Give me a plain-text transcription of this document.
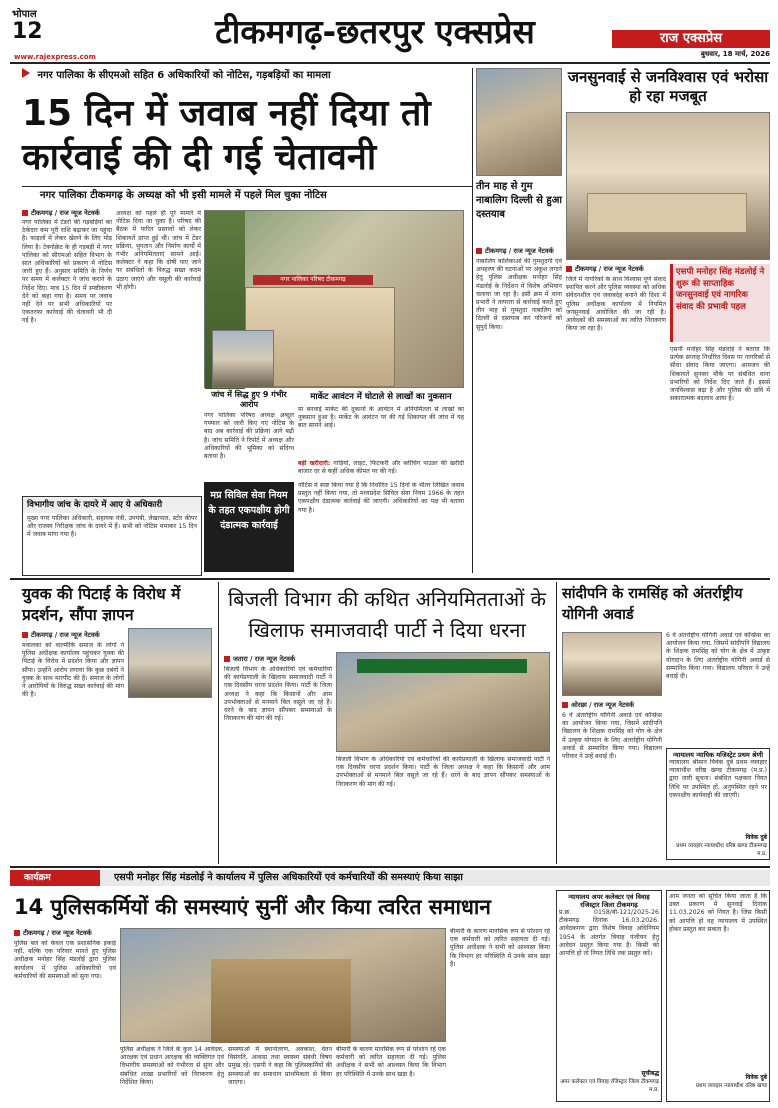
भोपाल
12
www.rajexpress.com
टीकमगढ़-छतरपुर एक्सप्रेस	राज एक्सप्रेस
बुधवार, 18 मार्च, 2026
नगर पालिका के सीएमओ सहित 6 अधिकारियों को नोटिस, गड़बड़ियों का मामला
15 दिन में जवाब नहीं दिया तो कार्रवाई की दी गई चेतावनी
नगर पालिका टीकमगढ़ के अध्यक्ष को भी इसी मामले में पहले मिल चुका नोटिस
टीकमगढ़ / राज न्यूज नेटवर्क
नगर पालिका में टेंडरों की गड़बड़ियों का ठेकेदार कम पूरी राशि बढ़ाकर जा पहुंचा है। फाइलों में लेकर खेलने के लिए मोड़ लिया है। टेक्नोक्रेट के ही गड़बड़ी में नगर पालिका को सीएमओ सहित विभाग के सात अधिकारियों को प्रकरण में नोटिस जारी हुए हैं। अनुसार समिति के निर्णय पर समय में कलेक्टर ने जांच कराने के निर्देश दिए। मात्र 15 दिन में स्पष्टीकरण देने को कहा गया है। समय पर जवाब नहीं देने पर सभी अधिकारियों पर एकतरफा कार्रवाई की चेतावनी भी दी गई है।
अध्यक्ष को पहले ही पूरे मामले में नोटिस दिया जा चुका है। परिषद की बैठक में पारित प्रस्तावों को लेकर शिकायतें प्राप्त हुई थीं। जांच में टेंडर प्रक्रिया, भुगतान और निर्माण कार्यों में गंभीर अनियमितताएं सामने आईं। कलेक्टर ने कहा कि दोषी पाए जाने पर संबंधितों के विरुद्ध सख्त कदम उठाए जाएंगे और वसूली की कार्रवाई भी होगी।
नगर पालिका परिषद टीकमगढ़
जांच में सिद्ध हुए 9 गंभीर आरोप
मार्केट आवंटन में घोटाले से लाखों का नुकसान
नगर पालिका परिषद अध्यक्ष अब्दुल गफ्फार को जारी किए गए नोटिस के बाद अब कार्रवाई की प्रक्रिया आगे बढ़ी है। जांच समिति ने रिपोर्ट में अध्यक्ष और अधिकारियों की भूमिका को संदिग्ध बताया है।
मा बनवाई मार्केट की दुकानों के आवंटन में अनियमितता से लाखों का नुकसान हुआ है। मार्केट के आवंटन पर की गई शिकायत की जांच में यह बात सामने आई।
बड़ी खरीदारी: गाड़ियों, लाइट, फिटकरी और ब्लीचिंग पाउडर की खरीदी बाजार दर से कहीं अधिक कीमत पर की गई।
विभागीय जांच के दायरे में आए ये अधिकारी
मुख्य नगर पालिका अधिकारी, सहायक यंत्री, उपयंत्री, लेखापाल, स्टोर कीपर और राजस्व निरीक्षक जांच के दायरे में हैं। सभी को नोटिस थमाकर 15 दिन में जवाब मांगा गया है।
मप्र सिविल सेवा नियम के तहत एकपक्षीय होगी दंडात्मक कार्रवाई
नोटिस में स्पष्ट किया गया है कि निर्धारित 15 दिनों के भीतर लिखित जवाब प्रस्तुत नहीं किया गया, तो मध्यप्रदेश सिविल सेवा नियम 1966 के तहत एकपक्षीय दंडात्मक कार्रवाई की जाएगी। अधिकारियों का पक्ष भी बताया गया है।
जनसुनवाई से जनविश्वास एवं भरोसा हो रहा मजबूत
तीन माह से गुम नाबालिग दिल्ली से हुआ दस्तयाब
टीकमगढ़ / राज न्यूज नेटवर्क
नाबालिग बालिकाओं की गुमशुदगी एवं अपहरण की घटनाओं पर अंकुश लगाने हेतु पुलिस अधीक्षक मनोहर सिंह मंडलोई के निर्देशन में विशेष अभियान चलाया जा रहा है। इसी क्रम में थाना प्रभारी ने तत्परता से कार्रवाई करते हुए तीन माह से गुमशुदा नाबालिग को दिल्ली से दस्तयाब कर परिजनों को सुपुर्द किया।
टीकमगढ़ / राज न्यूज नेटवर्क
जिले में नागरिकों के साथ विश्वास पूर्ण संवाद स्थापित करने और पुलिस व्यवस्था को अधिक संवेदनशील एवं जवाबदेह बनाने की दिशा में पुलिस अधीक्षक कार्यालय में नियमित जनसुनवाई आयोजित की जा रही है। आवेदकों की समस्याओं का त्वरित निराकरण किया जा रहा है।
एसपी मनोहर सिंह मंडलोई ने शुरू की साप्ताहिक जनसुनवाई एवं नागरिक संवाद की प्रभावी पहल
एसपी मनोहर सिंह मंडलोई ने बताया कि प्रत्येक सप्ताह निर्धारित दिवस पर नागरिकों से सीधा संवाद किया जाएगा। आमजन की शिकायतें सुनकर मौके पर संबंधित थाना प्रभारियों को निर्देश दिए जाते हैं। इससे जनविश्वास बढ़ा है और पुलिस की छवि में सकारात्मक बदलाव आया है।
युवक की पिटाई के विरोध में प्रदर्शन, सौंपा ज्ञापन
टीकमगढ़ / राज न्यूज नेटवर्क
मवालका को वाल्मीकि समाज के लोगों ने पुलिस अधीक्षक कार्यालय पहुंचकर युवक की पिटाई के विरोध में प्रदर्शन किया और ज्ञापन सौंपा। उन्होंने आरोप लगाया कि कुछ दबंगों ने युवक के साथ मारपीट की है। समाज के लोगों ने आरोपियों के विरुद्ध सख्त कार्रवाई की मांग की है।
बिजली विभाग की कथित अनियमितताओं के खिलाफ समाजवादी पार्टी ने दिया धरना
जतारा / राज न्यूज नेटवर्क
बिजली विभाग के अधिकारियों एवं कर्मचारियों की कार्यप्रणाली के खिलाफ समाजवादी पार्टी ने एक दिवसीय धरना प्रदर्शन किया। पार्टी के जिला अध्यक्ष ने कहा कि किसानों और आम उपभोक्ताओं से मनमाने बिल वसूले जा रहे हैं। धरने के बाद ज्ञापन सौंपकर समस्याओं के निराकरण की मांग की गई।
बिजली विभाग के अधिकारियों एवं कर्मचारियों की कार्यप्रणाली के खिलाफ समाजवादी पार्टी ने एक दिवसीय धरना प्रदर्शन किया। पार्टी के जिला अध्यक्ष ने कहा कि किसानों और आम उपभोक्ताओं से मनमाने बिल वसूले जा रहे हैं। धरने के बाद ज्ञापन सौंपकर समस्याओं के निराकरण की मांग की गई।
सांदीपनि के रामसिंह को अंतर्राष्ट्रीय योगिनी अवार्ड
ओरछा / राज न्यूज नेटवर्क
6 वें अंतर्राष्ट्रीय योगिनी अवार्ड एवं कॉन्फ्रेंस का आयोजन किया गया, जिसमें सांदीपनि विद्यालय के शिक्षक रामसिंह को योग के क्षेत्र में उत्कृष्ट योगदान के लिए अंतर्राष्ट्रीय योगिनी अवार्ड से सम्मानित किया गया। विद्यालय परिवार ने उन्हें बधाई दी।
6 वें अंतर्राष्ट्रीय योगिनी अवार्ड एवं कॉन्फ्रेंस का आयोजन किया गया, जिसमें सांदीपनि विद्यालय के शिक्षक रामसिंह को योग के क्षेत्र में उत्कृष्ट योगदान के लिए अंतर्राष्ट्रीय योगिनी अवार्ड से सम्मानित किया गया। विद्यालय परिवार ने उन्हें बधाई दी।
न्यायालय न्यायिक मजिस्ट्रेट प्रथम श्रेणी
न्यायालय श्रीमान विवेक दुबे प्रथम व्यवहार न्यायाधीश वरिष्ठ खण्ड टीकमगढ़ (म.प्र.) द्वारा जारी सूचना। संबंधित पक्षकार नियत तिथि पर उपस्थित हों, अनुपस्थित रहने पर एकपक्षीय कार्यवाही की जाएगी।
विवेक दुबे
प्रथम व्यवहार न्यायाधीश वरिष्ठ खण्ड टीकमगढ़ म.प्र.
कार्यक्रम	एसपी मनोहर सिंह मंडलोई ने कार्यालय में पुलिस अधिकारियों एवं कर्मचारियों की समस्याएं किया साझा
14 पुलिसकर्मियों की समस्याएं सुनीं और किया त्वरित समाधान
टीकमगढ़ / राज न्यूज नेटवर्क
पुलिस बल को केवल एक प्रशासनिक इकाई नहीं, बल्कि एक परिवार मानते हुए पुलिस अधीक्षक मनोहर सिंह मंडलोई द्वारा पुलिस कार्यालय में पुलिस अधिकारियों एवं कर्मचारियों की समस्याओं को सुना गया।
पुलिस अधीक्षक ने जिले के कुल 14 आवेदक, आरक्षक एवं प्रधान आरक्षक की व्यक्तिगत एवं विभागीय समस्याओं को गंभीरता से सुना और संबंधित शाखा प्रभारियों को निराकरण हेतु निर्देशित किया।
समस्याओं में स्थानांतरण, अवकाश, वेतन विसंगति, आवास तथा स्वास्थ्य संबंधी विषय प्रमुख रहे। एसपी ने कहा कि पुलिसकर्मियों की समस्याओं का समाधान प्राथमिकता से किया जाएगा।
बीमारी के कारण मानसिक रूप से परेशान रहे एक कर्मचारी को त्वरित सहायता दी गई। पुलिस अधीक्षक ने सभी को आश्वस्त किया कि विभाग हर परिस्थिति में उनके साथ खड़ा है।
बीमारी के कारण मानसिक रूप से परेशान रहे एक कर्मचारी को त्वरित सहायता दी गई। पुलिस अधीक्षक ने सभी को आश्वस्त किया कि विभाग हर परिस्थिति में उनके साथ खड़ा है।
न्यायालय अपर कलेक्टर एवं विवाह रजिस्ट्रार जिला टीकमगढ़
प्र.क्र. 0158/बी-121/2025-26 टीकमगढ़ दिनांक 16.03.2026. आवेदकगण द्वारा विशेष विवाह अधिनियम 1954 के अंतर्गत विवाह पंजीयन हेतु आवेदन प्रस्तुत किया गया है। किसी को आपत्ति हो तो नियत तिथि तक प्रस्तुत करें।
सूचीबद्ध
अपर कलेक्टर एवं विवाह रजिस्ट्रार जिला टीकमगढ़ म.प्र.
आम जनता को सूचित किया जाता है कि उक्त प्रकरण में सुनवाई दिनांक 11.03.2026 को नियत है। जिस किसी को आपत्ति हो वह न्यायालय में उपस्थित होकर प्रस्तुत कर सकता है।
विवेक दुबे
प्रथम व्यवहार न्यायाधीश वरिष्ठ खण्ड
